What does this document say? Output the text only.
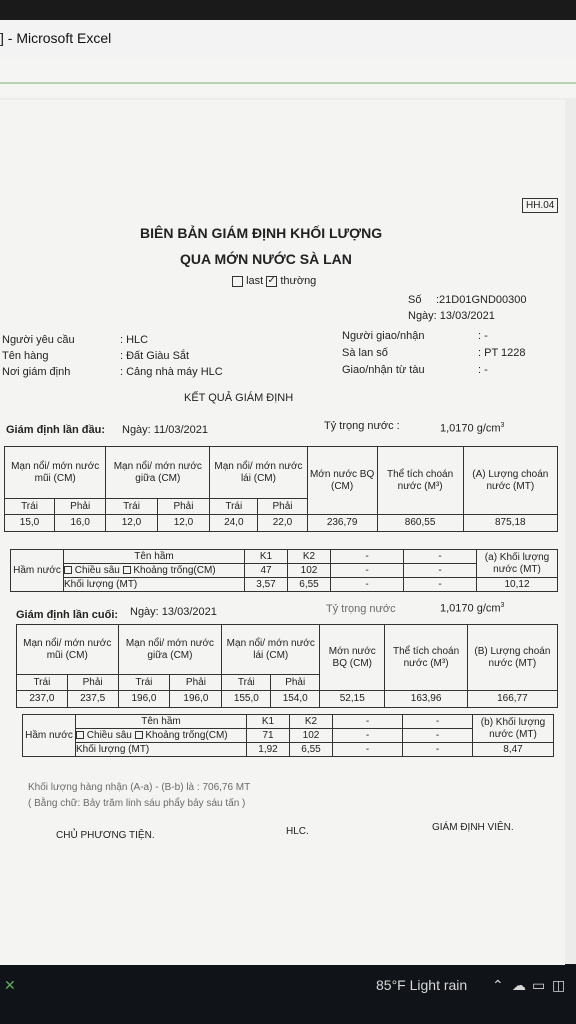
] - Microsoft Excel
HH.04
BIÊN BẢN GIÁM ĐỊNH KHỐI LƯỢNG
QUA MỚN NƯỚC SÀ LAN
last ✓ thường
Số :21D01GND00300
Ngày: 13/03/2021
Người yêu cầu	: HLC
Tên hàng	: Đất Giàu Sắt
Nơi giám định	: Cảng nhà máy HLC
Người giao/nhận	: -
Sà lan số	: PT 1228
Giao/nhận từ tàu	: -
KẾT QUẢ GIÁM ĐỊNH
Giám định lần đầu: Ngày: 11/03/2021	Tỷ trọng nước :	1,0170 $g/cm^3$
Mạn nổi/ mớn nước mũi (CM)		Mạn nổi/ mớn nước giữa (CM)		Mạn nổi/ mớn nước lái (CM)		Mớn nước BQ (CM)	Thể tích choán nước (M³)	(A) Lượng choán nước (MT)
Trái	Phải	Trái	Phải	Trái	Phải			
15,0	16,0	12,0	12,0	24,0	22,0	236,79	860,55	875,18
Hầm nước	Tên hầm	K1	K2	-	-	(a) Khối lượng nước (MT)
	Chiều sâu Khoảng trống(CM)	47	102	-	-	
	Khối lượng (MT)	3,57	6,55	-	-	10,12
Giám định lần cuối: Ngày: 13/03/2021	Tỷ trọng nước	1,0170 $g/cm^3$
Mạn nổi/ mớn nước mũi (CM)		Mạn nổi/ mớn nước giữa (CM)		Mạn nổi/ mớn nước lái (CM)		Mớn nước BQ (CM)	Thể tích choán nước (M³)	(B) Lượng choán nước (MT)
Trái	Phải	Trái	Phải	Trái	Phải			
237,0	237,5	196,0	196,0	155,0	154,0	52,15	163,96	166,77
Hầm nước	Tên hầm	K1	K2	-	-	(b) Khối lượng nước (MT)
	Chiều sâu Khoảng trống(CM)	71	102	-	-	
	Khối lượng (MT)	1,92	6,55	-	-	8,47
Khối lượng hàng nhận (A-a) - (B-b) là : 706,76 MT
( Bằng chữ: Bảy trăm linh sáu phẩy bảy sáu tấn )
CHỦ PHƯƠNG TIỆN.	HLC.	GIÁM ĐỊNH VIÊN.
✕	85°F Light rain ⌃ ☁ ▭ ◫
